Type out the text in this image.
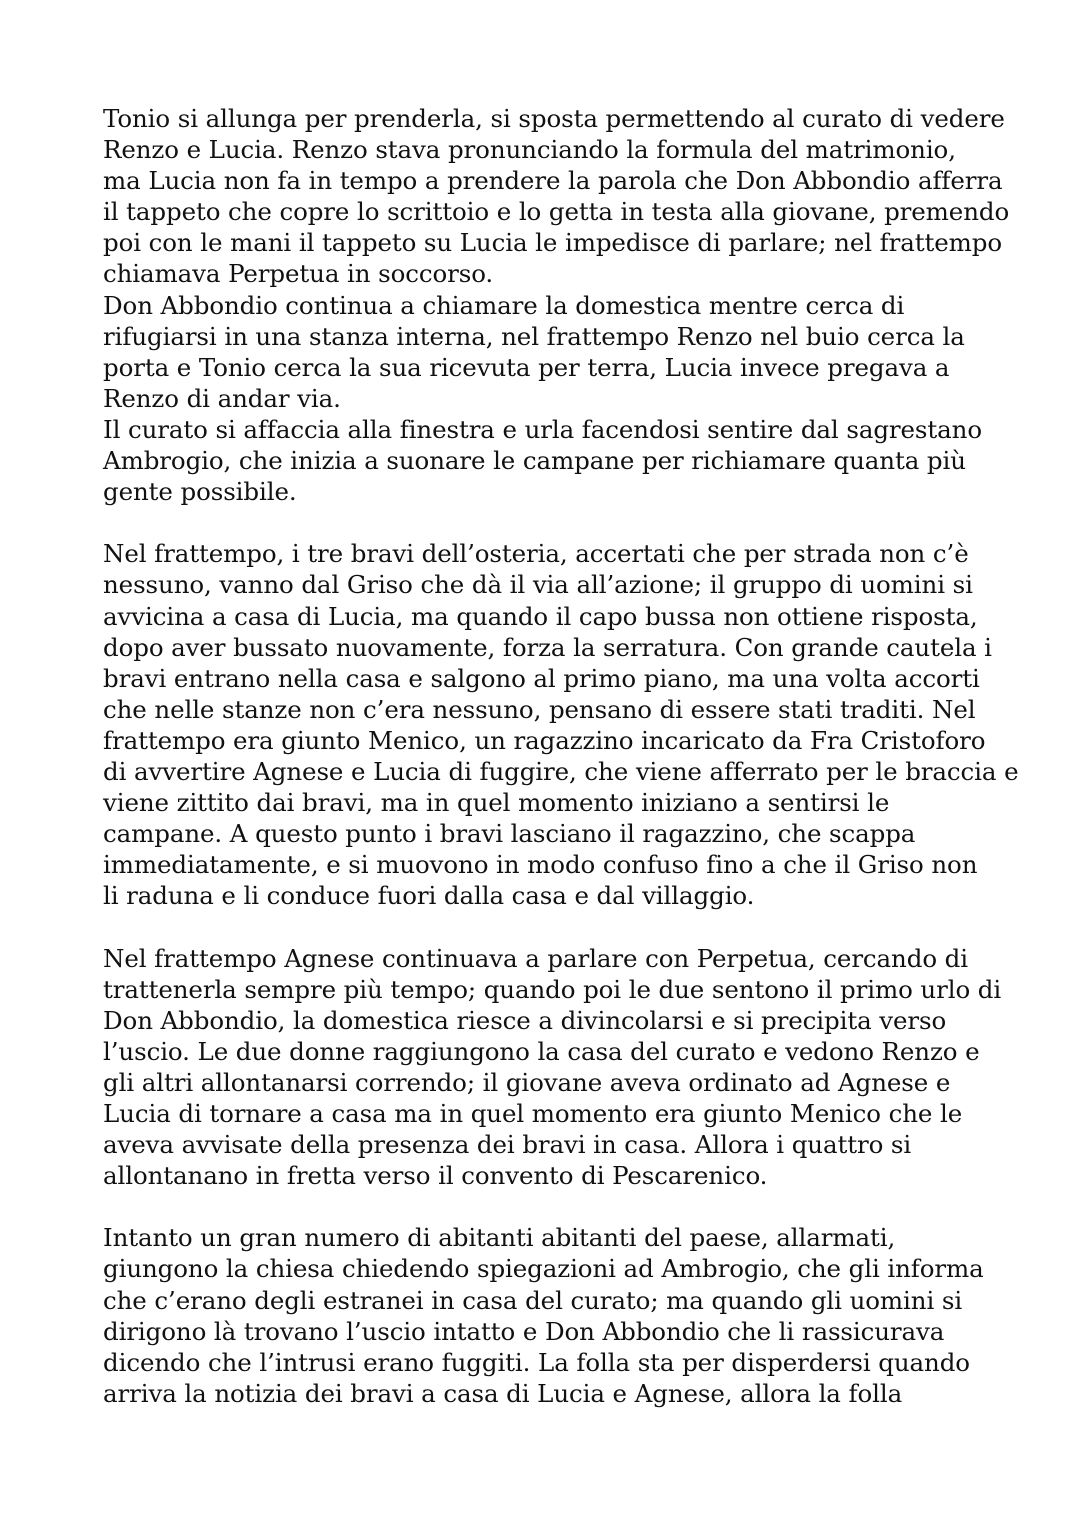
Tonio si allunga per prenderla, si sposta permettendo al curato di vedere
Renzo e Lucia. Renzo stava pronunciando la formula del matrimonio,
ma Lucia non fa in tempo a prendere la parola che Don Abbondio afferra
il tappeto che copre lo scrittoio e lo getta in testa alla giovane, premendo
poi con le mani il tappeto su Lucia le impedisce di parlare; nel frattempo
chiamava Perpetua in soccorso.
Don Abbondio continua a chiamare la domestica mentre cerca di
rifugiarsi in una stanza interna, nel frattempo Renzo nel buio cerca la
porta e Tonio cerca la sua ricevuta per terra, Lucia invece pregava a
Renzo di andar via.
Il curato si affaccia alla finestra e urla facendosi sentire dal sagrestano
Ambrogio, che inizia a suonare le campane per richiamare quanta più
gente possibile.
Nel frattempo, i tre bravi dell’osteria, accertati che per strada non c’è
nessuno, vanno dal Griso che dà il via all’azione; il gruppo di uomini si
avvicina a casa di Lucia, ma quando il capo bussa non ottiene risposta,
dopo aver bussato nuovamente, forza la serratura. Con grande cautela i
bravi entrano nella casa e salgono al primo piano, ma una volta accorti
che nelle stanze non c’era nessuno, pensano di essere stati traditi. Nel
frattempo era giunto Menico, un ragazzino incaricato da Fra Cristoforo
di avvertire Agnese e Lucia di fuggire, che viene afferrato per le braccia e
viene zittito dai bravi, ma in quel momento iniziano a sentirsi le
campane. A questo punto i bravi lasciano il ragazzino, che scappa
immediatamente, e si muovono in modo confuso fino a che il Griso non
li raduna e li conduce fuori dalla casa e dal villaggio.
Nel frattempo Agnese continuava a parlare con Perpetua, cercando di
trattenerla sempre più tempo; quando poi le due sentono il primo urlo di
Don Abbondio, la domestica riesce a divincolarsi e si precipita verso
l’uscio. Le due donne raggiungono la casa del curato e vedono Renzo e
gli altri allontanarsi correndo; il giovane aveva ordinato ad Agnese e
Lucia di tornare a casa ma in quel momento era giunto Menico che le
aveva avvisate della presenza dei bravi in casa. Allora i quattro si
allontanano in fretta verso il convento di Pescarenico.
Intanto un gran numero di abitanti abitanti del paese, allarmati,
giungono la chiesa chiedendo spiegazioni ad Ambrogio, che gli informa
che c’erano degli estranei in casa del curato; ma quando gli uomini si
dirigono là trovano l’uscio intatto e Don Abbondio che li rassicurava
dicendo che l’intrusi erano fuggiti. La folla sta per disperdersi quando
arriva la notizia dei bravi a casa di Lucia e Agnese, allora la folla
